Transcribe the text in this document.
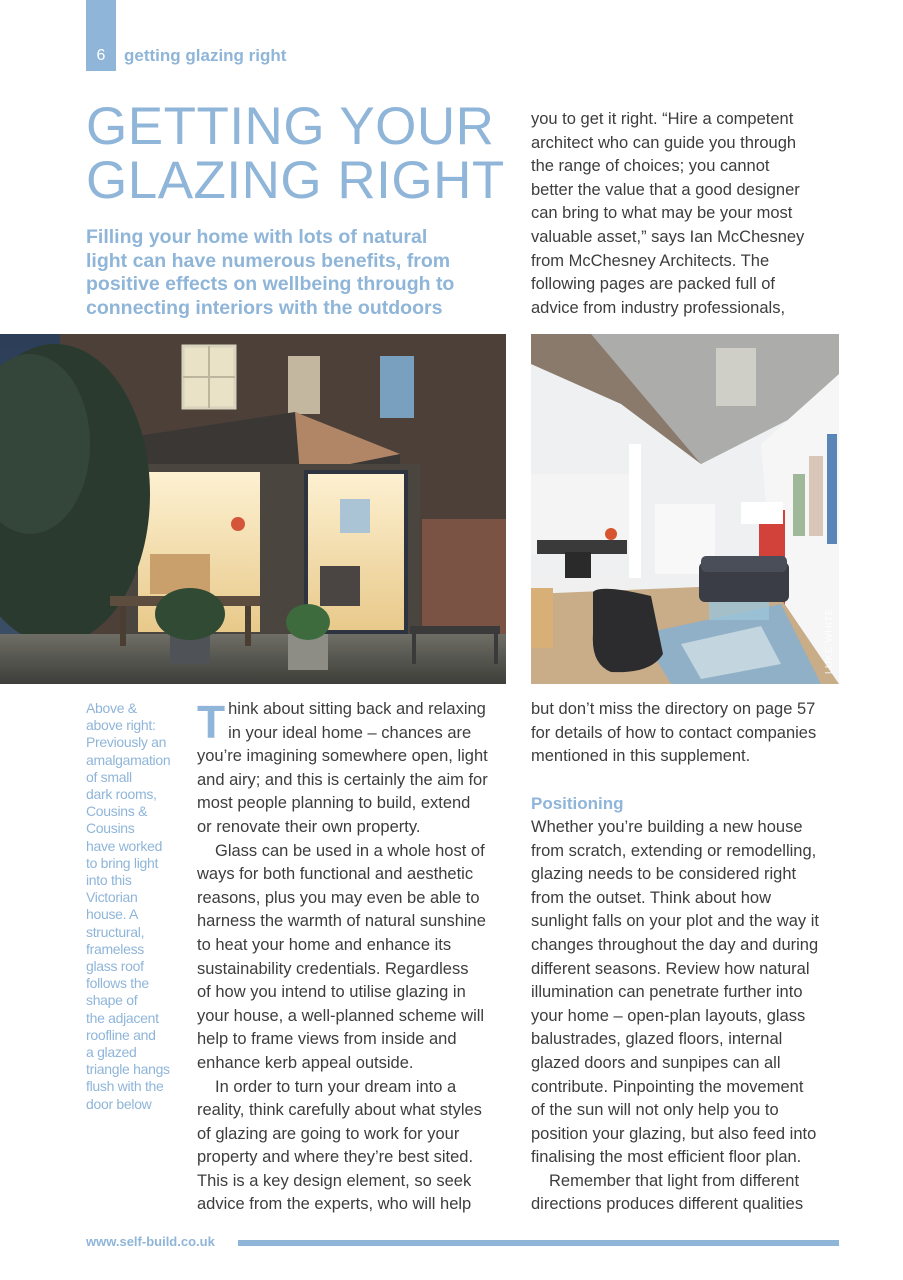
6	getting glazing right
GETTING YOUR
GLAZING RIGHT
Filling your home with lots of natural
light can have numerous benefits, from
positive effects on wellbeing through to
connecting interiors with the outdoors
you to get it right. “Hire a competent
architect who can guide you through
the range of choices; you cannot
better the value that a good designer
can bring to what may be your most
valuable asset,” says Ian McChesney
from McChesney Architects. The
following pages are packed full of
advice from industry professionals,
LUKE WHITE
Above &
above right:
Previously an
amalgamation
of small
dark rooms,
Cousins &
Cousins
have worked
to bring light
into this
Victorian
house. A
structural,
frameless
glass roof
follows the
shape of
the adjacent
roofline and
a glazed
triangle hangs
flush with the
door below
T hink about sitting back and relaxing
in your ideal home – chances are
you’re imagining somewhere open, light
and airy; and this is certainly the aim for
most people planning to build, extend
or renovate their own property.
Glass can be used in a whole host of
ways for both functional and aesthetic
reasons, plus you may even be able to
harness the warmth of natural sunshine
to heat your home and enhance its
sustainability credentials. Regardless
of how you intend to utilise glazing in
your house, a well-planned scheme will
help to frame views from inside and
enhance kerb appeal outside.
In order to turn your dream into a
reality, think carefully about what styles
of glazing are going to work for your
property and where they’re best sited.
This is a key design element, so seek
advice from the experts, who will help
but don’t miss the directory on page 57
for details of how to contact companies
mentioned in this supplement.
Positioning
Whether you’re building a new house
from scratch, extending or remodelling,
glazing needs to be considered right
from the outset. Think about how
sunlight falls on your plot and the way it
changes throughout the day and during
different seasons. Review how natural
illumination can penetrate further into
your home – open-plan layouts, glass
balustrades, glazed floors, internal
glazed doors and sunpipes can all
contribute. Pinpointing the movement
of the sun will not only help you to
position your glazing, but also feed into
finalising the most efficient floor plan.
Remember that light from different
directions produces different qualities
www.self-build.co.uk
